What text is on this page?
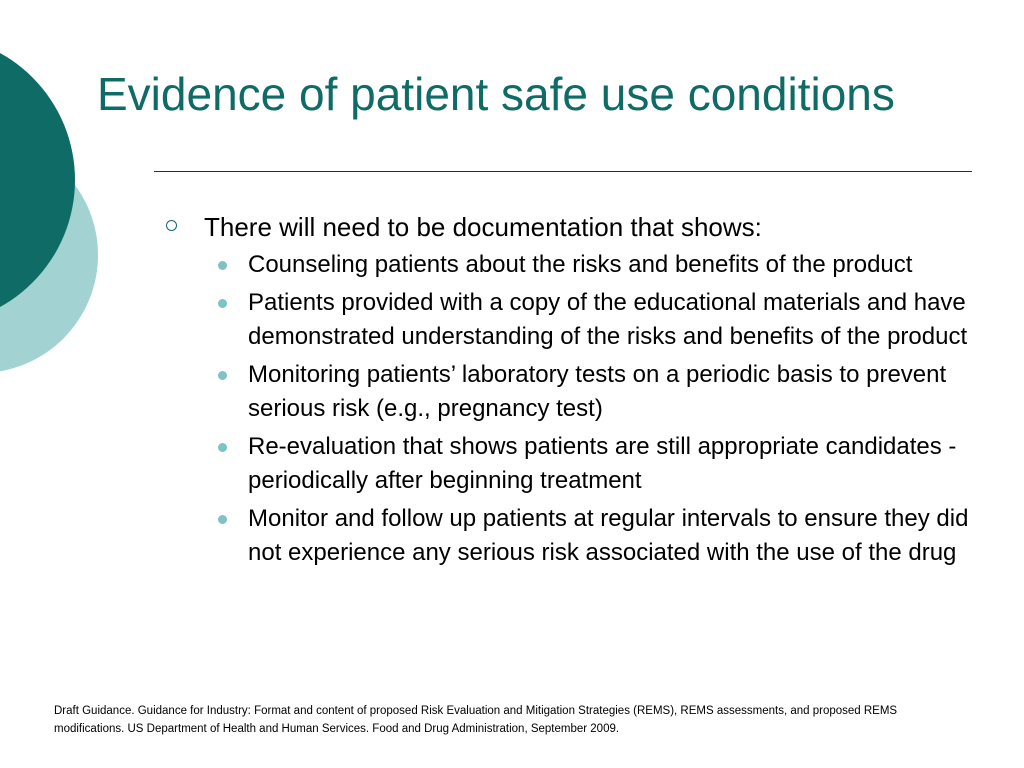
Evidence of patient safe use conditions
There will need to be documentation that shows:
Counseling patients about the risks and benefits of the product
Patients provided with a copy of the educational materials and have demonstrated understanding of the risks and benefits of the product
Monitoring patients’ laboratory tests on a periodic basis to prevent serious risk (e.g., pregnancy test)
Re-evaluation that shows patients are still appropriate candidates - periodically after beginning treatment
Monitor and follow up patients at regular intervals to ensure they did not experience any serious risk associated with the use of the drug
Draft Guidance. Guidance for Industry: Format and content of proposed Risk Evaluation and Mitigation Strategies (REMS), REMS assessments, and proposed REMS modifications. US Department of Health and Human Services. Food and Drug Administration, September 2009.
